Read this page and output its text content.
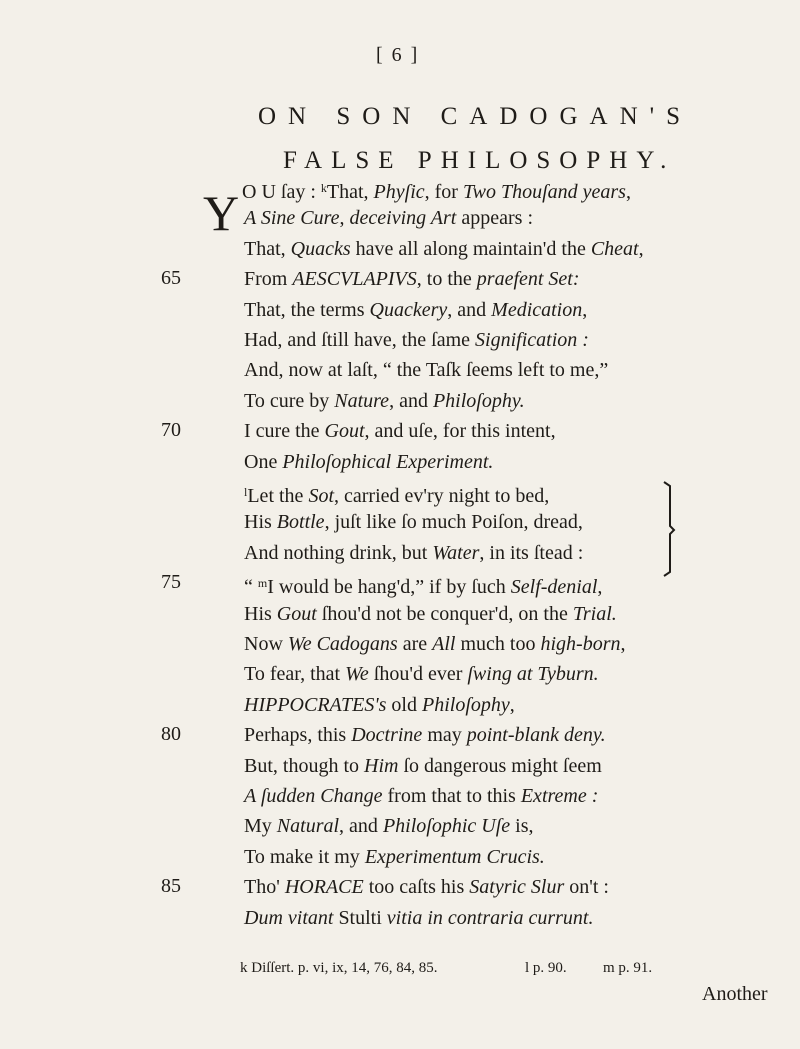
[ 6 ]
ON SON CADOGAN'S
FALSE PHILOSOPHY.
Y O U ſay : $^k$That, Phyſic, for Two Thouſand years,
A Sine Cure, deceiving Art appears :
That, Quacks have all along maintain'd the Cheat,
From AESCVLAPIVS, to the praefent Set:
65
That, the terms Quackery, and Medication,
Had, and ſtill have, the ſame Signification :
And, now at laſt, “ the Taſk ſeems left to me,”
To cure by Nature, and Philoſophy.
I cure the Gout, and uſe, for this intent,
70
One Philoſophical Experiment.
$^l$Let the Sot, carried ev'ry night to bed,
His Bottle, juſt like ſo much Poiſon, dread,
And nothing drink, but Water, in its ſtead :
“ $^m$I would be hang'd,” if by ſuch Self-denial,
75
His Gout ſhou'd not be conquer'd, on the Trial.
Now We Cadogans are All much too high-born,
To fear, that We ſhou'd ever ſwing at Tyburn.
HIPPOCRATES's old Philoſophy,
Perhaps, this Doctrine may point-blank deny.
80
But, though to Him ſo dangerous might ſeem
A ſudden Change from that to this Extreme :
My Natural, and Philoſophic Uſe is,
To make it my Experimentum Crucis.
Tho' HORACE too caſts his Satyric Slur on't :
85
Dum vitant Stulti vitia in contraria currunt.
k Diſſert. p. vi, ix, 14, 76, 84, 85.	l p. 90. m p. 91.
Another
